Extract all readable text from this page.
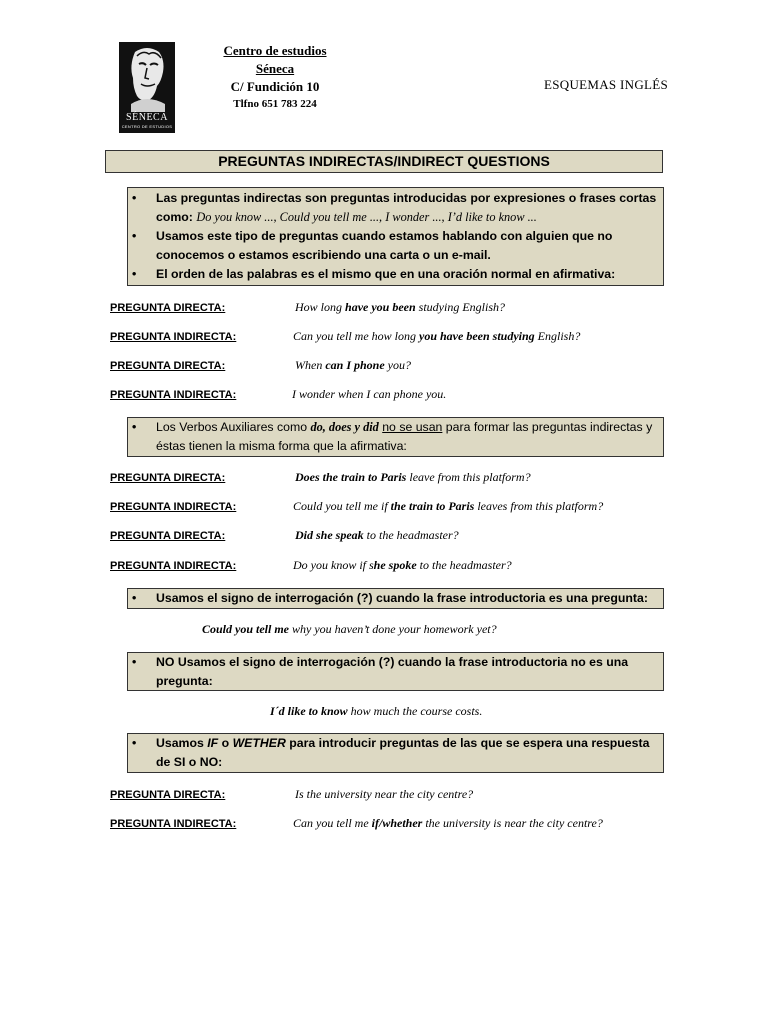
SÉNECA
CENTRO DE ESTUDIOS
Centro de estudios
Séneca
C/ Fundición 10
Tlfno 651 783 224
ESQUEMAS INGLÉS
PREGUNTAS INDIRECTAS/INDIRECT QUESTIONS
• Las preguntas indirectas son preguntas introducidas por expresiones o frases cortas como: Do you know ..., Could you tell me ..., I wonder ..., I’d like to know ...
• Usamos este tipo de preguntas cuando estamos hablando con alguien que no conocemos o estamos escribiendo una carta o un e-mail.
• El orden de las palabras es el mismo que en una oración normal en afirmativa:
PREGUNTA DIRECTA:	How long have you been studying English?
PREGUNTA INDIRECTA:	Can you tell me how long you have been studying English?
PREGUNTA DIRECTA:	When can I phone you?
PREGUNTA INDIRECTA:	I wonder when I can phone you.
• Los Verbos Auxiliares como do, does y did no se usan para formar las preguntas indirectas y éstas tienen la misma forma que la afirmativa:
PREGUNTA DIRECTA:	Does the train to Paris leave from this platform?
PREGUNTA INDIRECTA:	Could you tell me if the train to Paris leaves from this platform?
PREGUNTA DIRECTA:	Did she speak to the headmaster?
PREGUNTA INDIRECTA:	Do you know if she spoke to the headmaster?
• Usamos el signo de interrogación (?) cuando la frase introductoria es una pregunta:
Could you tell me why you haven’t done your homework yet?
• NO Usamos el signo de interrogación (?) cuando la frase introductoria no es una pregunta:
I´d like to know how much the course costs.
• Usamos IF o WETHER para introducir preguntas de las que se espera una respuesta de SI o NO:
PREGUNTA DIRECTA:	Is the university near the city centre?
PREGUNTA INDIRECTA:	Can you tell me if/whether the university is near the city centre?
